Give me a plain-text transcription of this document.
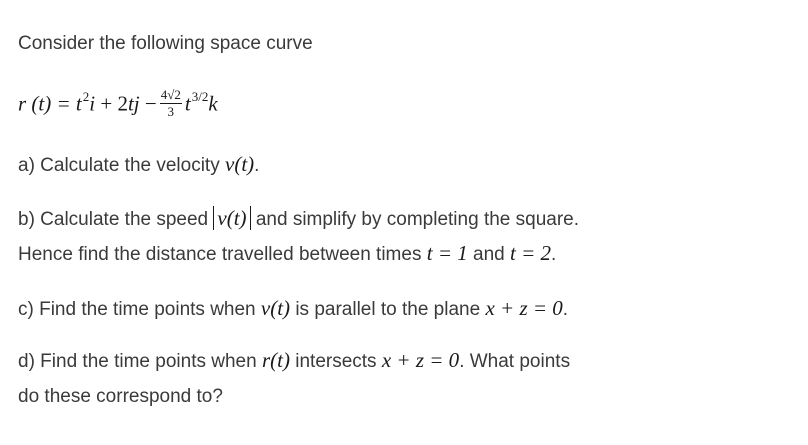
Consider the following space curve
r $(t) = t^2i + 2tj - \frac{4√2}{3} t^{3/2}k$
a) Calculate the velocity v(t).
b) Calculate the speed v(t) and simplify by completing the square.
Hence find the distance travelled between times t = 1 and t = 2.
c) Find the time points when v(t) is parallel to the plane x + z = 0.
d) Find the time points when r(t) intersects x + z = 0. What points
do these correspond to?
